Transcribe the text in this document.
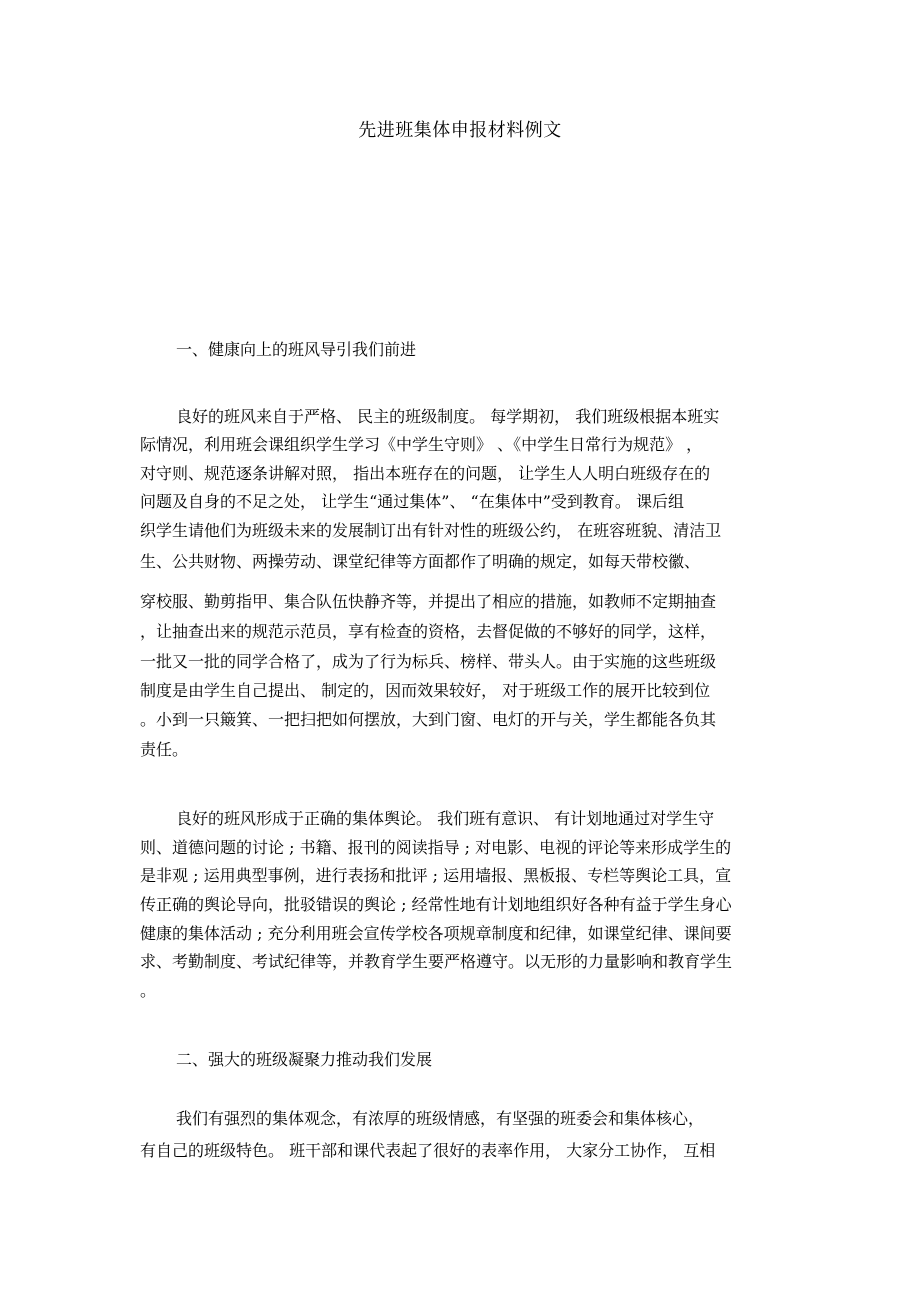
先进班集体申报材料例文
一、健康向上的班风导引我们前进
良好的班风来自于严格、 民主的班级制度。 每学期初， 我们班级根据本班实
际情况，利用班会课组织学生学习《中学生守则》 、《中学生日常行为规范》 ，
对守则、规范逐条讲解对照， 指出本班存在的问题， 让学生人人明白班级存在的
问题及自身的不足之处， 让学生“通过集体”、 “在集体中”受到教育。 课后组
织学生请他们为班级未来的发展制订出有针对性的班级公约， 在班容班貌、清洁卫
生、公共财物、两操劳动、课堂纪律等方面都作了明确的规定，如每天带校徽、
穿校服、勤剪指甲、集合队伍快静齐等，并提出了相应的措施，如教师不定期抽查
，让抽查出来的规范示范员，享有检查的资格，去督促做的不够好的同学，这样，
一批又一批的同学合格了，成为了行为标兵、榜样、带头人。由于实施的这些班级
制度是由学生自己提出、 制定的，因而效果较好， 对于班级工作的展开比较到位
。小到一只簸箕、一把扫把如何摆放，大到门窗、电灯的开与关，学生都能各负其
责任。
良好的班风形成于正确的集体舆论。 我们班有意识、 有计划地通过对学生守
则、道德问题的讨论 ; 书籍、报刊的阅读指导 ; 对电影、电视的评论等来形成学生的
是非观 ; 运用典型事例，进行表扬和批评 ; 运用墙报、黑板报、专栏等舆论工具，宣
传正确的舆论导向，批驳错误的舆论 ; 经常性地有计划地组织好各种有益于学生身心
健康的集体活动 ; 充分利用班会宣传学校各项规章制度和纪律，如课堂纪律、课间要
求、考勤制度、考试纪律等，并教育学生要严格遵守。以无形的力量影响和教育学生
。
二、强大的班级凝聚力推动我们发展
我们有强烈的集体观念，有浓厚的班级情感，有坚强的班委会和集体核心，
有自己的班级特色。 班干部和课代表起了很好的表率作用， 大家分工协作， 互相
